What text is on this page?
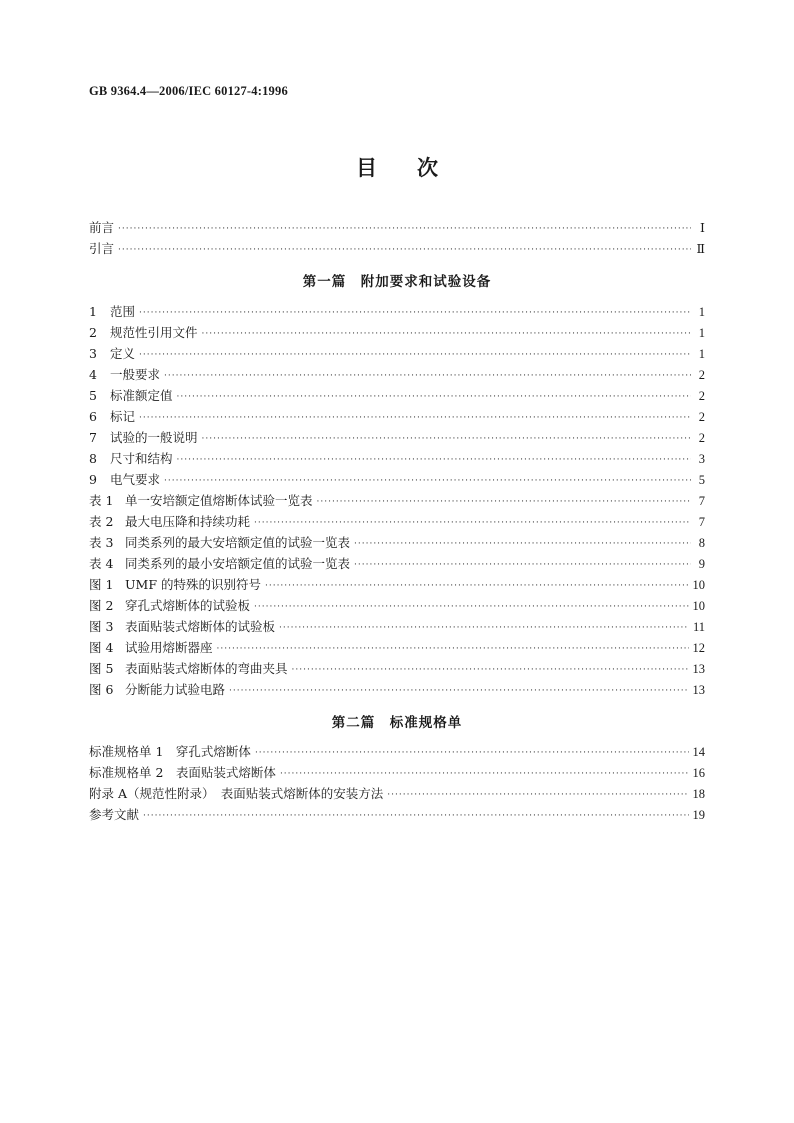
GB 9364.4—2006/IEC 60127-4:1996
目次
前言 ·····	Ⅰ
引言 ·····	Ⅱ
第一篇　附加要求和试验设备
1 范围 ·····	1
2 规范性引用文件 ·····	1
3 定义 ·····	1
4 一般要求 ·····	2
5 标准额定值 ·····	2
6 标记 ·····	2
7 试验的一般说明 ·····	2
8 尺寸和结构 ·····	3
9 电气要求 ·····	5
表 1 单一安培额定值熔断体试验一览表 ·····	7
表 2 最大电压降和持续功耗 ·····	7
表 3 同类系列的最大安培额定值的试验一览表 ·····	8
表 4 同类系列的最小安培额定值的试验一览表 ·····	9
图 1 UMF 的特殊的识别符号 ·····	10
图 2 穿孔式熔断体的试验板 ·····	10
图 3 表面贴装式熔断体的试验板 ·····	11
图 4 试验用熔断器座 ·····	12
图 5 表面贴装式熔断体的弯曲夹具 ·····	13
图 6 分断能力试验电路 ·····	13
第二篇　标准规格单
标准规格单 1　穿孔式熔断体 ·····	14
标准规格单 2　表面贴装式熔断体 ·····	16
附录 A（规范性附录）　表面贴装式熔断体的安装方法 ·····	18
参考文献 ·····	19
